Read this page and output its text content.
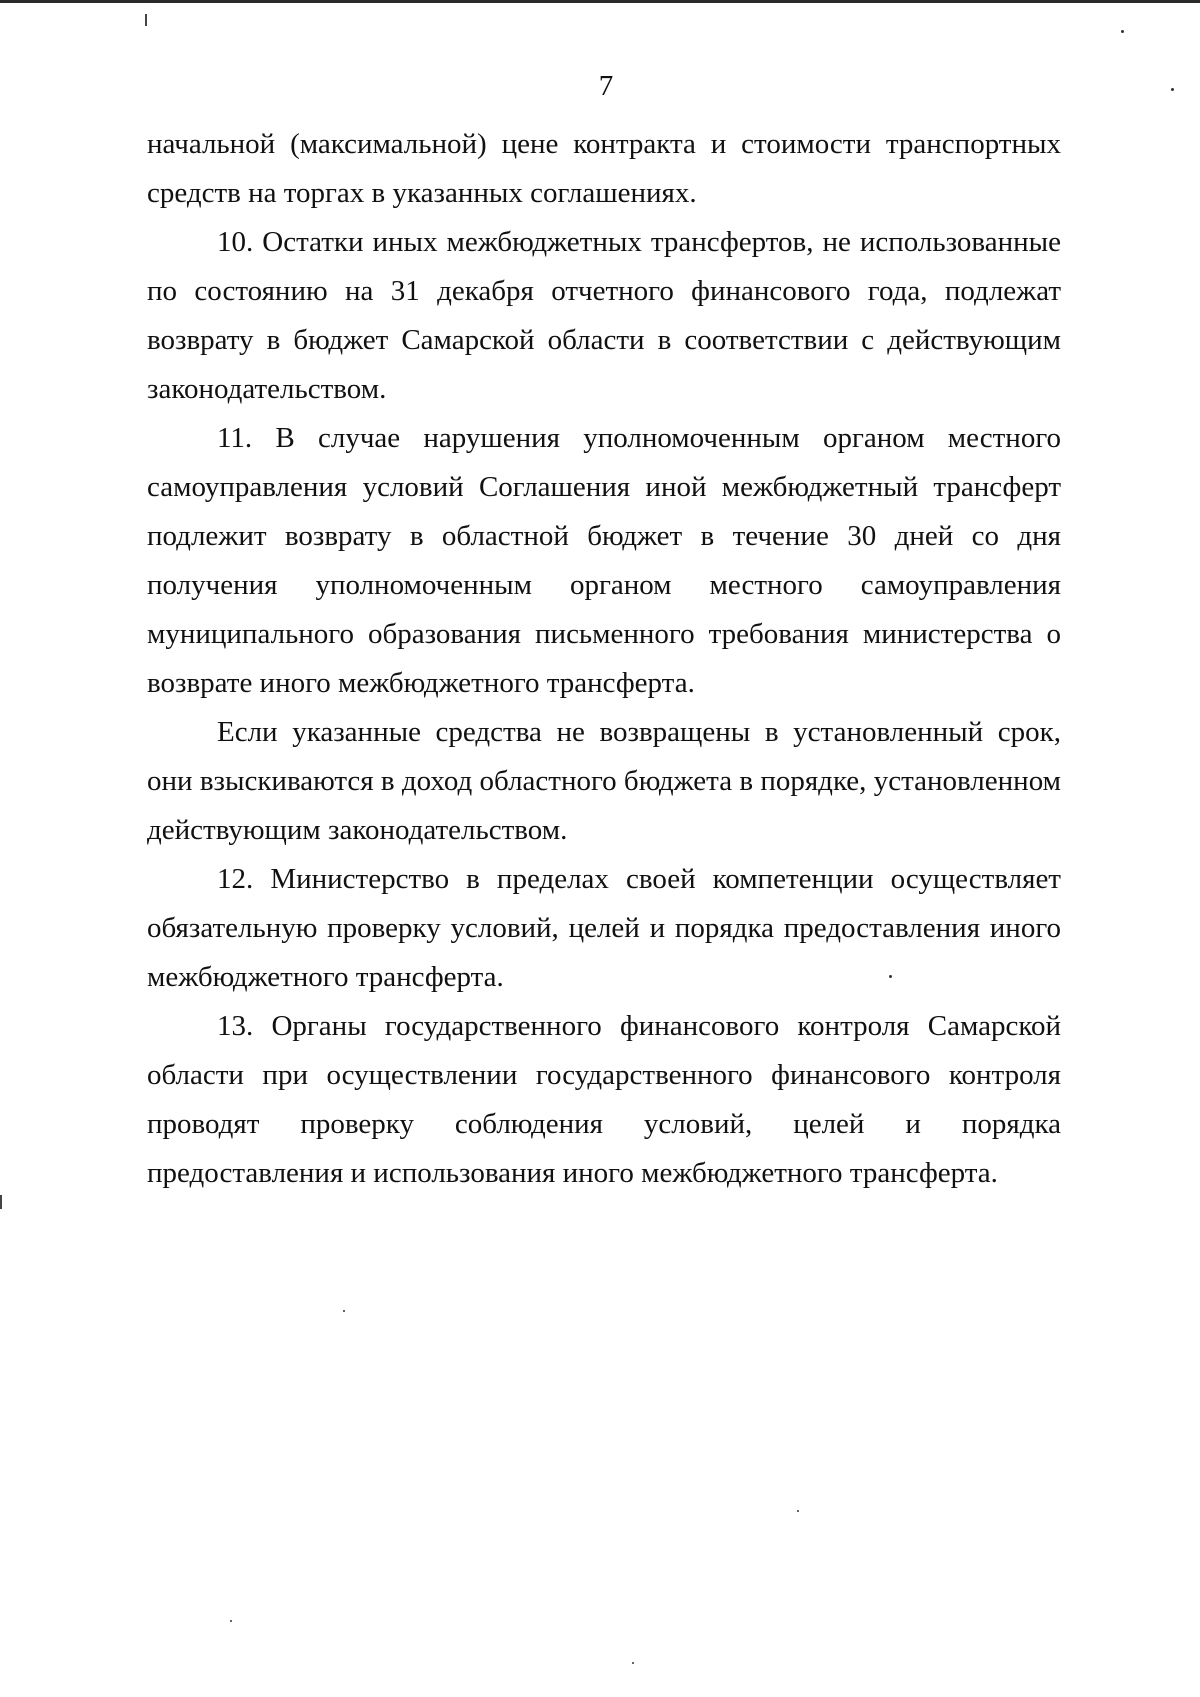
7

начальной (максимальной) цене контракта и стоимости транспортных средств на торгах в указанных соглашениях.

10. Остатки иных межбюджетных трансфертов, не использованные по состоянию на 31 декабря отчетного финансового года, подлежат возврату в бюджет Самарской области в соответствии с действующим законодательством.

11. В случае нарушения уполномоченным органом местного самоуправления условий Соглашения иной межбюджетный трансферт подлежит возврату в областной бюджет в течение 30 дней со дня получения уполномоченным органом местного самоуправления муниципального образования письменного требования министерства о возврате иного межбюджетного трансферта.

Если указанные средства не возвращены в установленный срок, они взыскиваются в доход областного бюджета в порядке, установленном действующим законодательством.

12. Министерство в пределах своей компетенции осуществляет обязательную проверку условий, целей и порядка предоставления иного межбюджетного трансферта.

13. Органы государственного финансового контроля Самарской области при осуществлении государственного финансового контроля проводят проверку соблюдения условий, целей и порядка предоставления и использования иного межбюджетного трансферта.
